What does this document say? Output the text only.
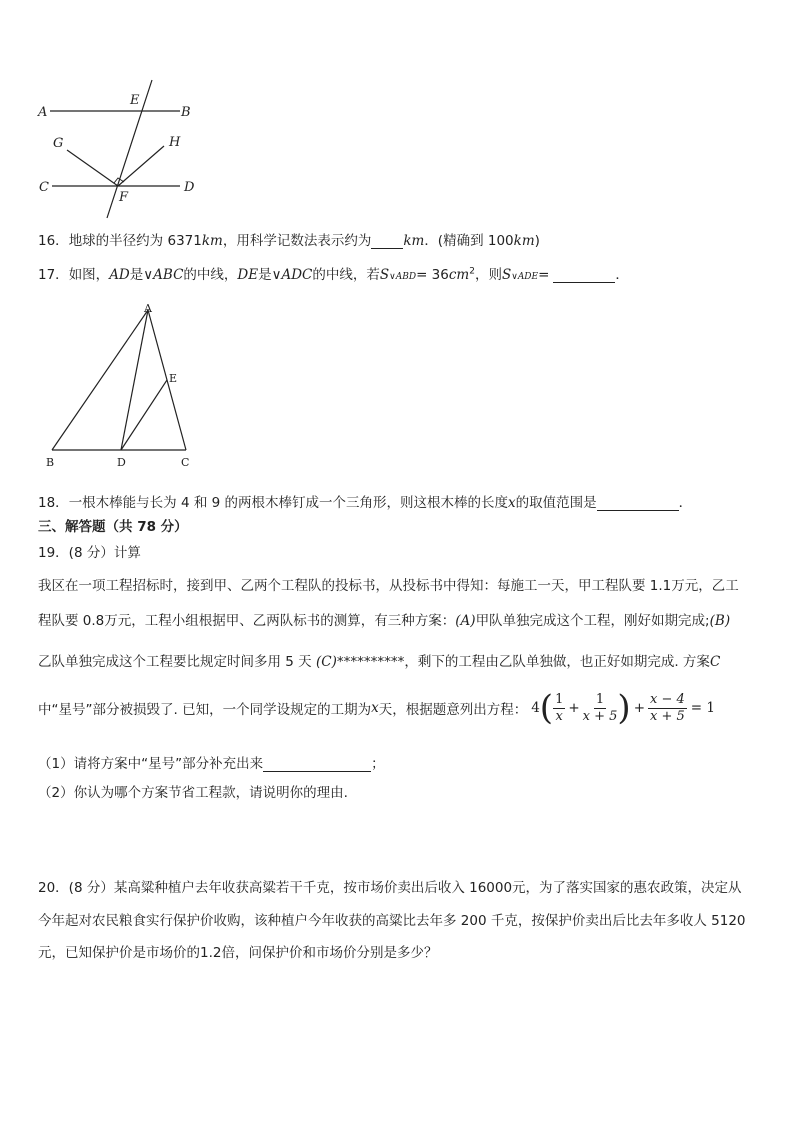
A
E
B
G	H
C	D
F
16．地球的半径约为 6371km，用科学记数法表示约为 km．(精确到 100km)
17．如图，AD是∨ABC的中线，DE是∨ADC的中线，若S∨ABD= $36cm^2$，则S∨ADE=	．
A
E
B	D	C
18．一根木棒能与长为 4 和 9 的两根木棒钉成一个三角形，则这根木棒的长度x的取值范围是	．
三、解答题（共 78 分）
19．(8 分）计算
我区在一项工程招标时，接到甲、乙两个工程队的投标书，从投标书中得知：每施工一天，甲工程队要 1.1万元，乙工
程队要 0.8万元，工程小组根据甲、乙两队标书的测算，有三种方案：(A)甲队单独完成这个工程，刚好如期完成;(B)
乙队单独完成这个工程要比规定时间多用 5 天 (C)**********，剩下的工程由乙队单独做，也正好如期完成. 方案C
中“星号”部分被损毁了. 已知，一个同学设规定的工期为 x 天，根据题意列出方程： 4 ( $\frac{1}{x} + \frac{1}{x + 5}$ ) + $\frac{x - 4}{x + 5} = 1$
（1）请将方案中“星号”部分补充出来	；
（2）你认为哪个方案节省工程款，请说明你的理由.
20．(8 分）某高粱种植户去年收获高粱若干千克，按市场价卖出后收入 16000元，为了落实国家的惠农政策，决定从
今年起对农民粮食实行保护价收购，该种植户今年收获的高粱比去年多 200 千克，按保护价卖出后比去年多收人 5120
元，已知保护价是市场价的1.2倍，问保护价和市场价分别是多少？
